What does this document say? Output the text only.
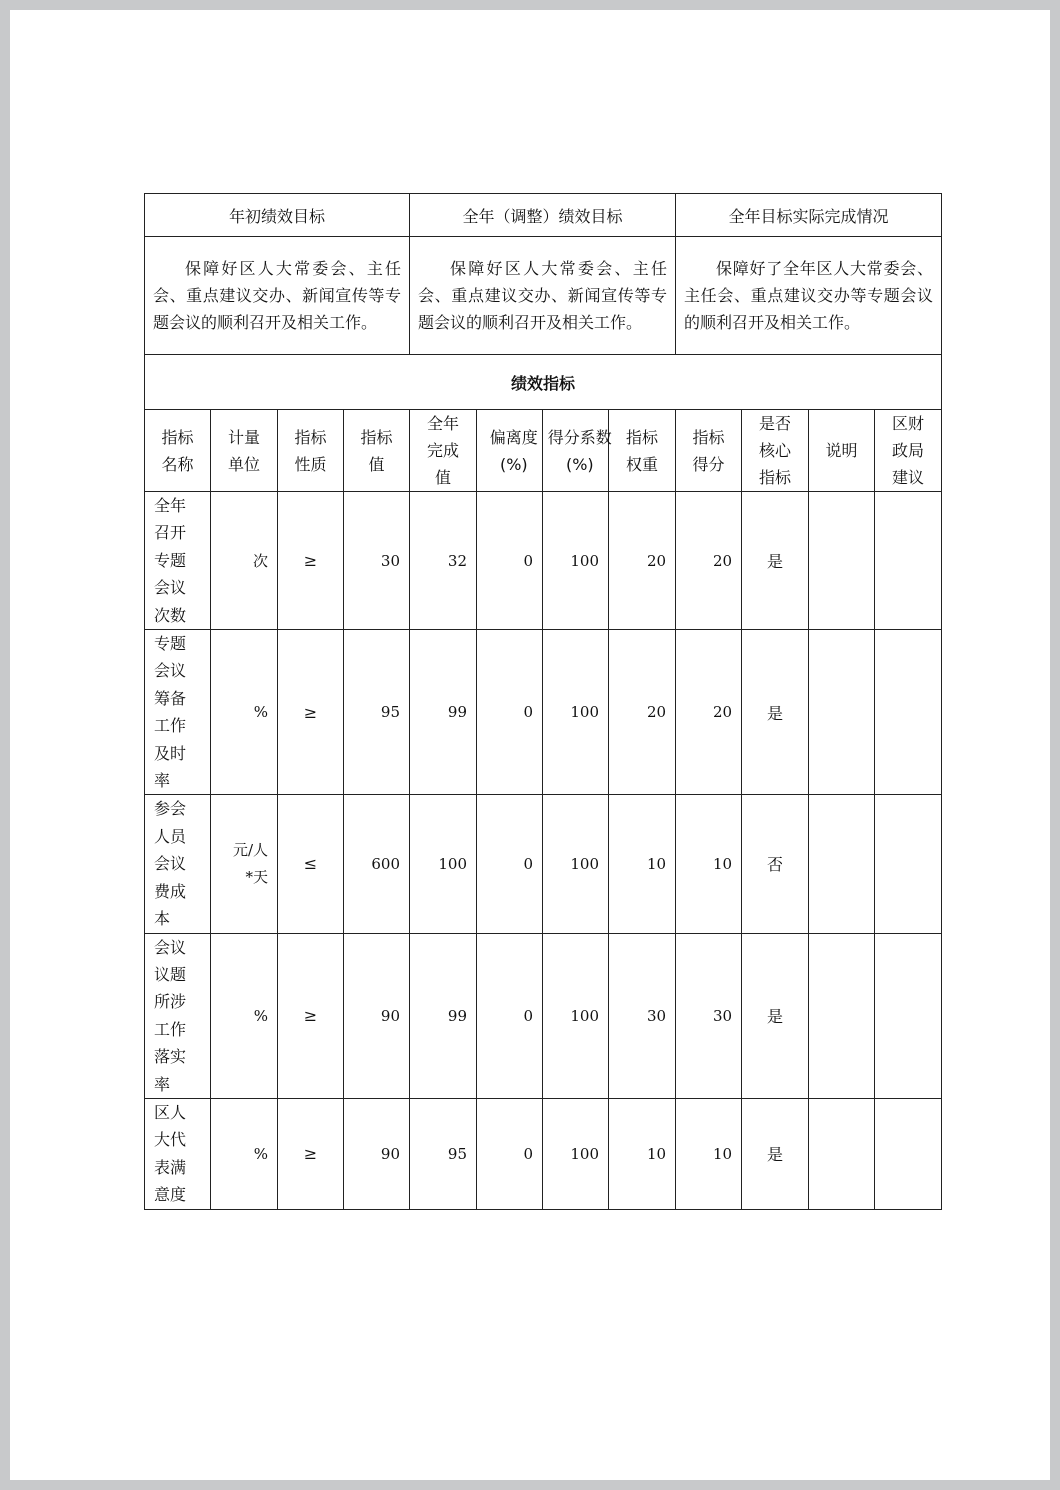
年初绩效目标				全年（调整）绩效目标				全年目标实际完成情况			
保障好区人大常委会、主任会、重点建议交办、新闻宣传等专题会议的顺利召开及相关工作。				保障好区人大常委会、主任会、重点建议交办、新闻宣传等专题会议的顺利召开及相关工作。				保障好了全年区人大常委会、主任会、重点建议交办等专题会议的顺利召开及相关工作。			
绩效指标											
指标名称	计量单位	指标性质	指标值	全年完成值	偏离度(%)	得分系数(%)	指标权重	指标得分	是否核心指标	说明	区财政局建议

全年召开专题会议次数	次	≥	30	32	0	100	20	20	是		

专题会议筹备工作及时率	%	≥	95	99	0	100	20	20	是		

参会人员会议费成本	元/人*天	≤	600	100	0	100	10	10	否		

会议议题所涉工作落实率	%	≥	90	99	0	100	30	30	是		

区人大代表满意度	%	≥	90	95	0	100	10	10	是		
